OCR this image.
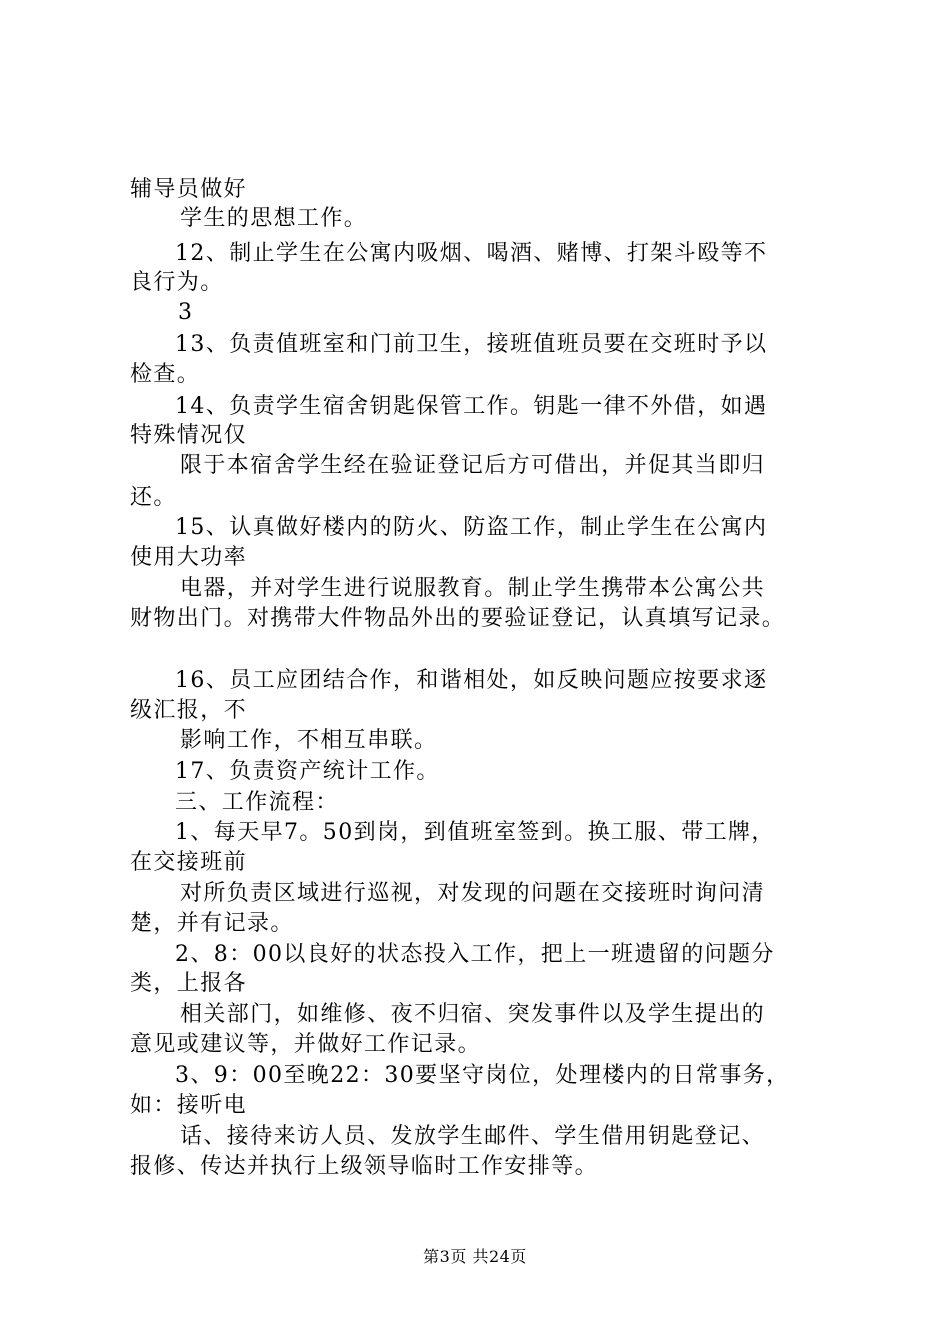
辅导员做好
学生的思想工作。
12、制止学生在公寓内吸烟、喝酒、赌博、打架斗殴等不
良行为。
3
13、负责值班室和门前卫生，接班值班员要在交班时予以
检查。
14、负责学生宿舍钥匙保管工作。钥匙一律不外借，如遇
特殊情况仅
限于本宿舍学生经在验证登记后方可借出，并促其当即归
还。
15、认真做好楼内的防火、防盗工作，制止学生在公寓内
使用大功率
电器，并对学生进行说服教育。制止学生携带本公寓公共
财物出门。对携带大件物品外出的要验证登记，认真填写记录。
16、员工应团结合作，和谐相处，如反映问题应按要求逐
级汇报，不
影响工作，不相互串联。
17、负责资产统计工作。
三、工作流程：
1、每天早7。50到岗，到值班室签到。换工服、带工牌，
在交接班前
对所负责区域进行巡视，对发现的问题在交接班时询问清
楚，并有记录。
2、8：00以良好的状态投入工作，把上一班遗留的问题分
类，上报各
相关部门，如维修、夜不归宿、突发事件以及学生提出的
意见或建议等，并做好工作记录。
3、9：00至晚22：30要坚守岗位，处理楼内的日常事务，
如：接听电
话、接待来访人员、发放学生邮件、学生借用钥匙登记、
报修、传达并执行上级领导临时工作安排等。
第3页 共24页
